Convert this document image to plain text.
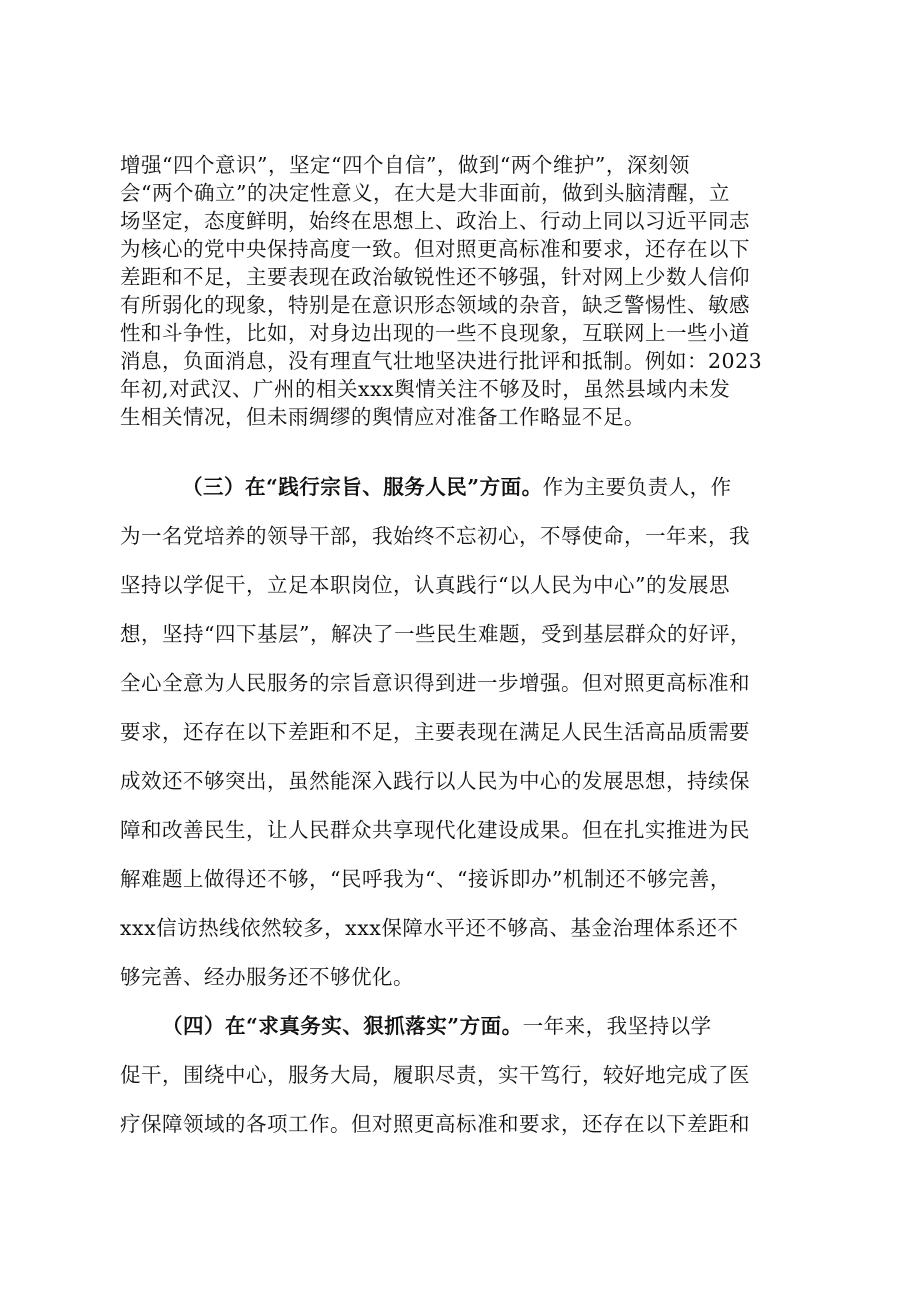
增强“四个意识”，坚定“四个自信”，做到“两个维护”，深刻领
会“两个确立”的决定性意义，在大是大非面前，做到头脑清醒，立
场坚定，态度鲜明，始终在思想上、政治上、行动上同以习近平同志
为核心的党中央保持高度一致。但对照更高标准和要求，还存在以下
差距和不足，主要表现在政治敏锐性还不够强，针对网上少数人信仰
有所弱化的现象，特别是在意识形态领域的杂音，缺乏警惕性、敏感
性和斗争性，比如，对身边出现的一些不良现象，互联网上一些小道
消息，负面消息，没有理直气壮地坚决进行批评和抵制。例如：2023
年初,对武汉、广州的相关xxx舆情关注不够及时，虽然县域内未发
生相关情况，但未雨绸缪的舆情应对准备工作略显不足。
（三）在“践行宗旨、服务人民”方面。作为主要负责人，作
为一名党培养的领导干部，我始终不忘初心，不辱使命，一年来，我
坚持以学促干，立足本职岗位，认真践行“以人民为中心”的发展思
想，坚持“四下基层”，解决了一些民生难题，受到基层群众的好评，
全心全意为人民服务的宗旨意识得到进一步增强。但对照更高标准和
要求，还存在以下差距和不足，主要表现在满足人民生活高品质需要
成效还不够突出，虽然能深入践行以人民为中心的发展思想，持续保
障和改善民生，让人民群众共享现代化建设成果。但在扎实推进为民
解难题上做得还不够，“民呼我为“、“接诉即办”机制还不够完善，
xxx信访热线依然较多，xxx保障水平还不够高、基金治理体系还不
够完善、经办服务还不够优化。
（四）在“求真务实、狠抓落实”方面。一年来，我坚持以学
促干，围绕中心，服务大局，履职尽责，实干笃行，较好地完成了医
疗保障领域的各项工作。但对照更高标准和要求，还存在以下差距和
